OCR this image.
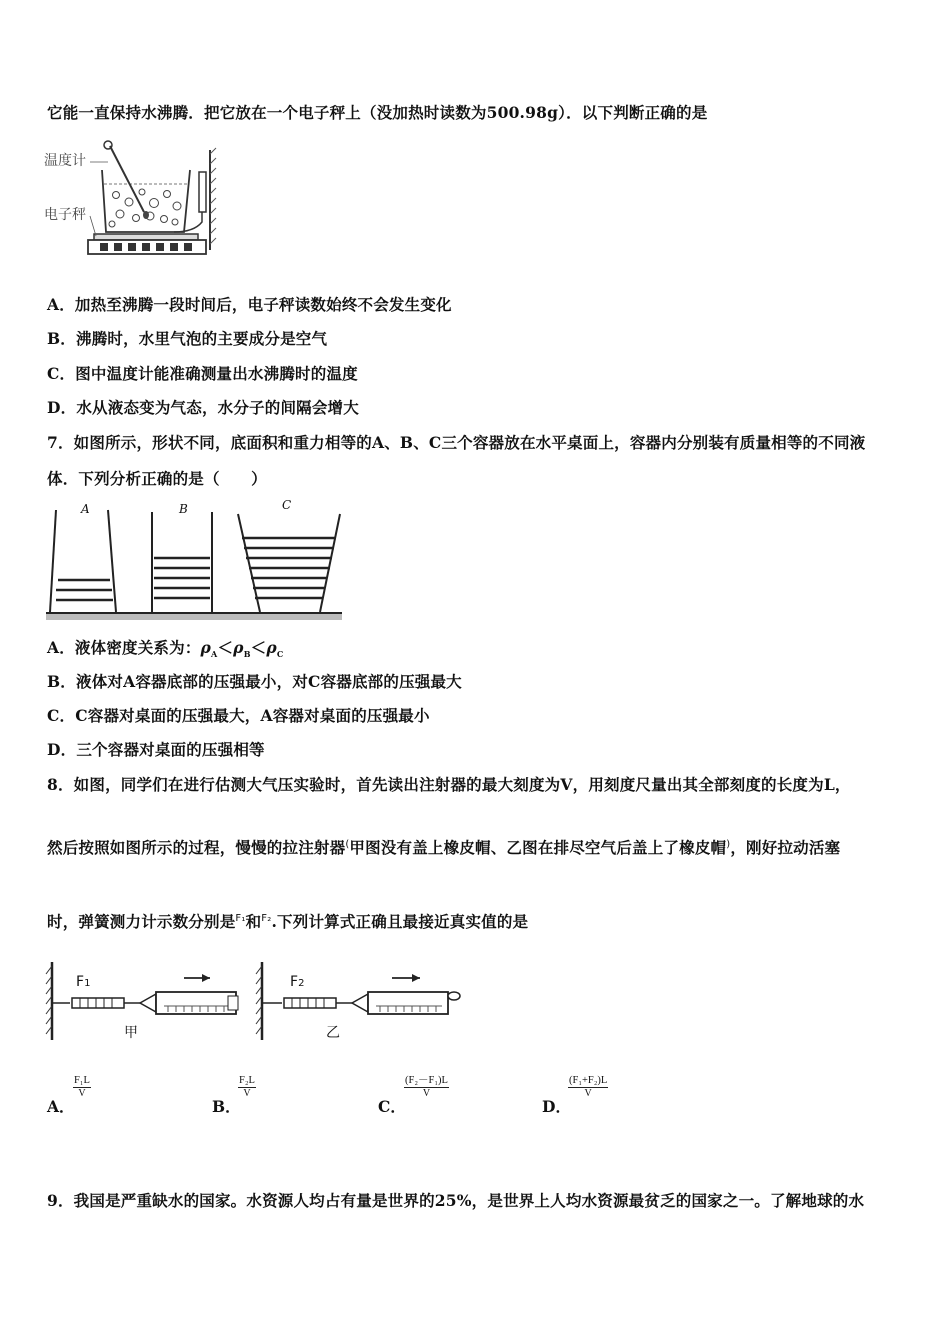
它能一直保持水沸腾．把它放在一个电子秤上（没加热时读数为500.98g）．以下判断正确的是
温度计
电子秤
A．加热至沸腾一段时间后，电子秤读数始终不会发生变化
B．沸腾时，水里气泡的主要成分是空气
C．图中温度计能准确测量出水沸腾时的温度
D．水从液态变为气态，水分子的间隔会增大
7．如图所示，形状不同，底面积和重力相等的A、B、C三个容器放在水平桌面上，容器内分别装有质量相等的不同液
体．下列分析正确的是（　　）
A	B	C
A．液体密度关系为：$\rho_A<\rho_B<\rho_C$
B．液体对A容器底部的压强最小，对C容器底部的压强最大
C．C容器对桌面的压强最大，A容器对桌面的压强最小
D．三个容器对桌面的压强相等
8．如图，同学们在进行估测大气压实验时，首先读出注射器的最大刻度为V，用刻度尺量出其全部刻度的长度为L，
然后按照如图所示的过程，慢慢的拉注射器(甲图没有盖上橡皮帽、乙图在排尽空气后盖上了橡皮帽)，刚好拉动活塞
时，弹簧测力计示数分别是$^{F_1}$和$^{F_2}$.下列计算式正确且最接近真实值的是
F1	F2
甲	乙
A．
$\frac{\text{F₁L}}{V}$
B．
$\frac{\text{F₂L}}{V}$
C．
$\frac{\text{(F₂－F₁)L}}{V}$
D．
$\frac{\text{(F₁+F₂)L}}{V}$
9．我国是严重缺水的国家。水资源人均占有量是世界的25%，是世界上人均水资源最贫乏的国家之一。了解地球的水
